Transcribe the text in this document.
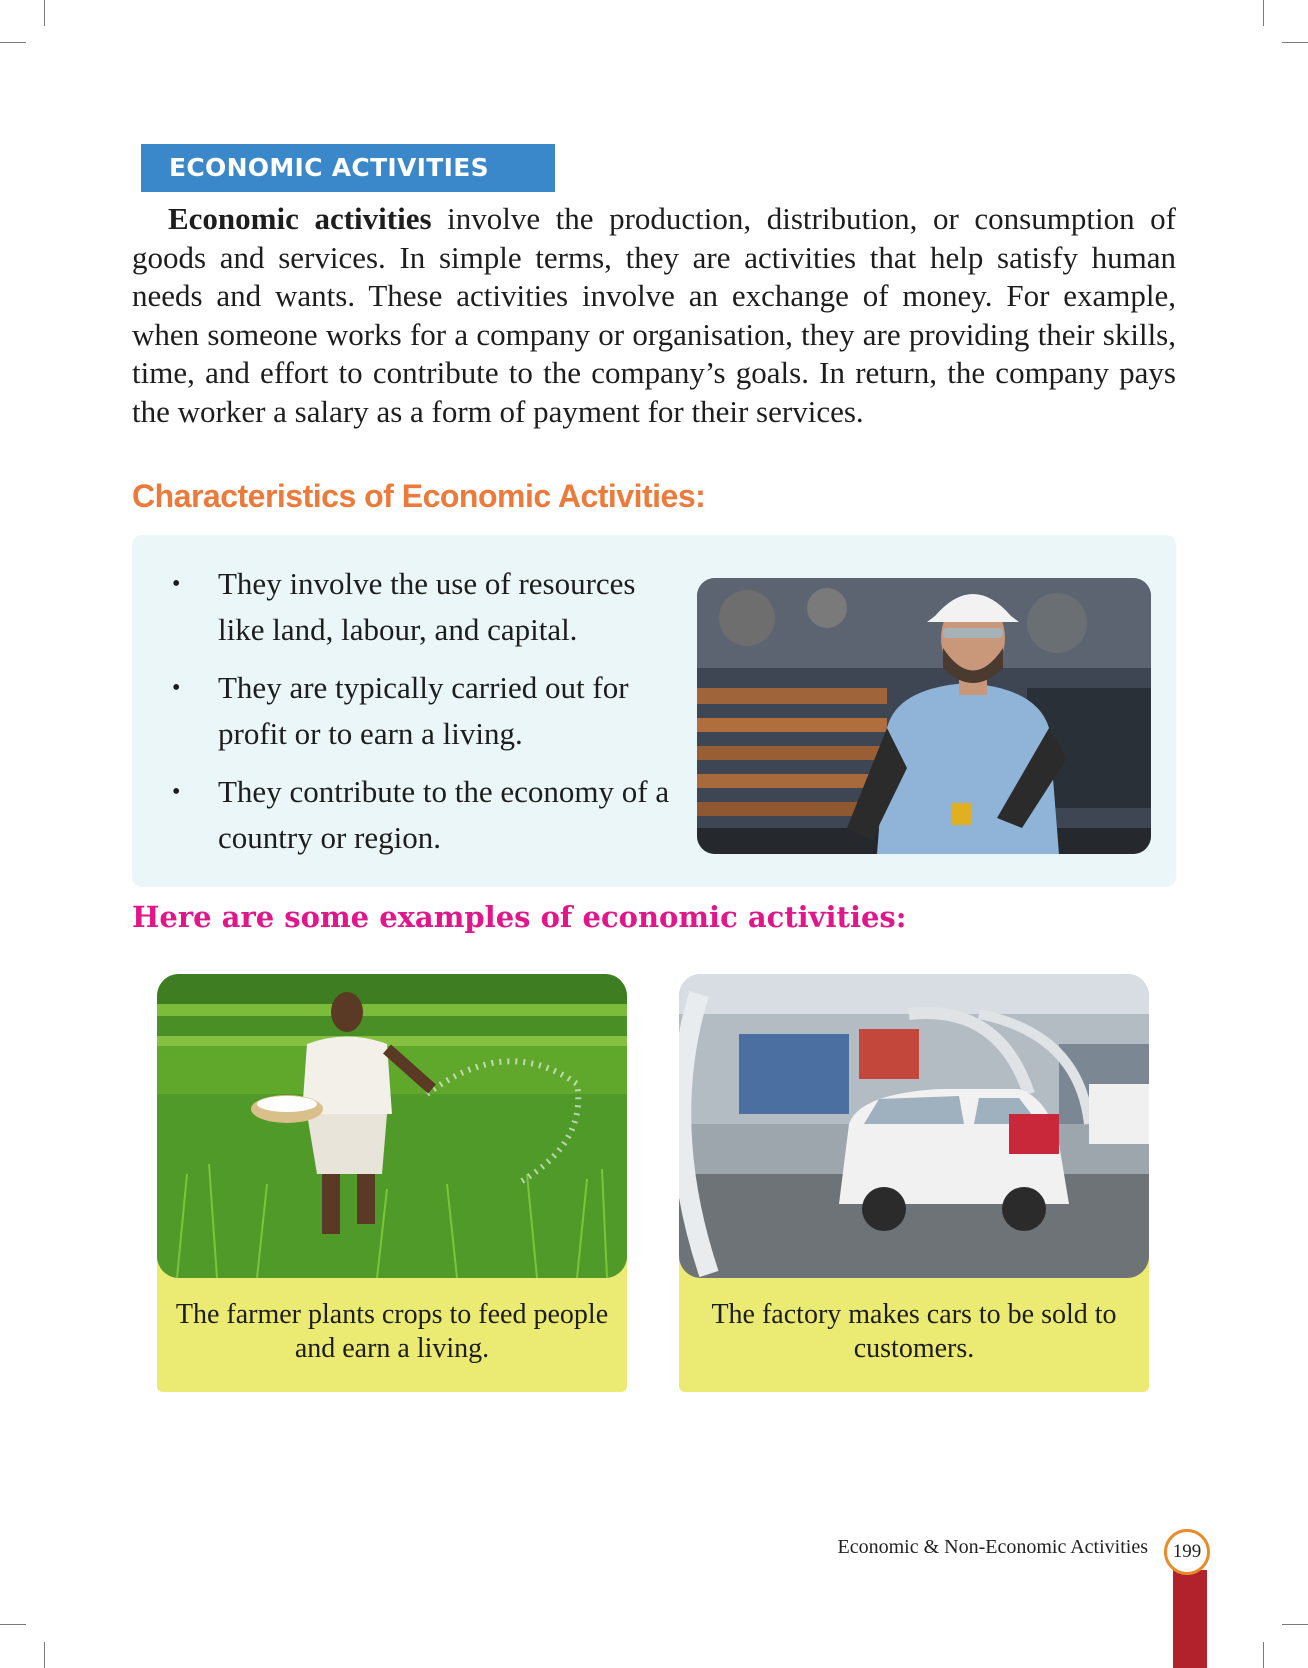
ECONOMIC ACTIVITIES

Economic activities involve the production, distribution, or consumption of goods and services. In simple terms, they are activities that help satisfy human needs and wants. These activities involve an exchange of money. For example, when someone works for a company or organisation, they are providing their skills, time, and effort to contribute to the company’s goals. In return, the company pays the worker a salary as a form of payment for their services.

Characteristics of Economic Activities:
• They involve the use of resources like land, labour, and capital.
• They are typically carried out for profit or to earn a living.
• They contribute to the economy of a country or region.
Here are some examples of economic activities:

The farmer plants crops to feed people and earn a living.

The factory makes cars to be sold to customers.

Economic & Non-Economic Activities	199
